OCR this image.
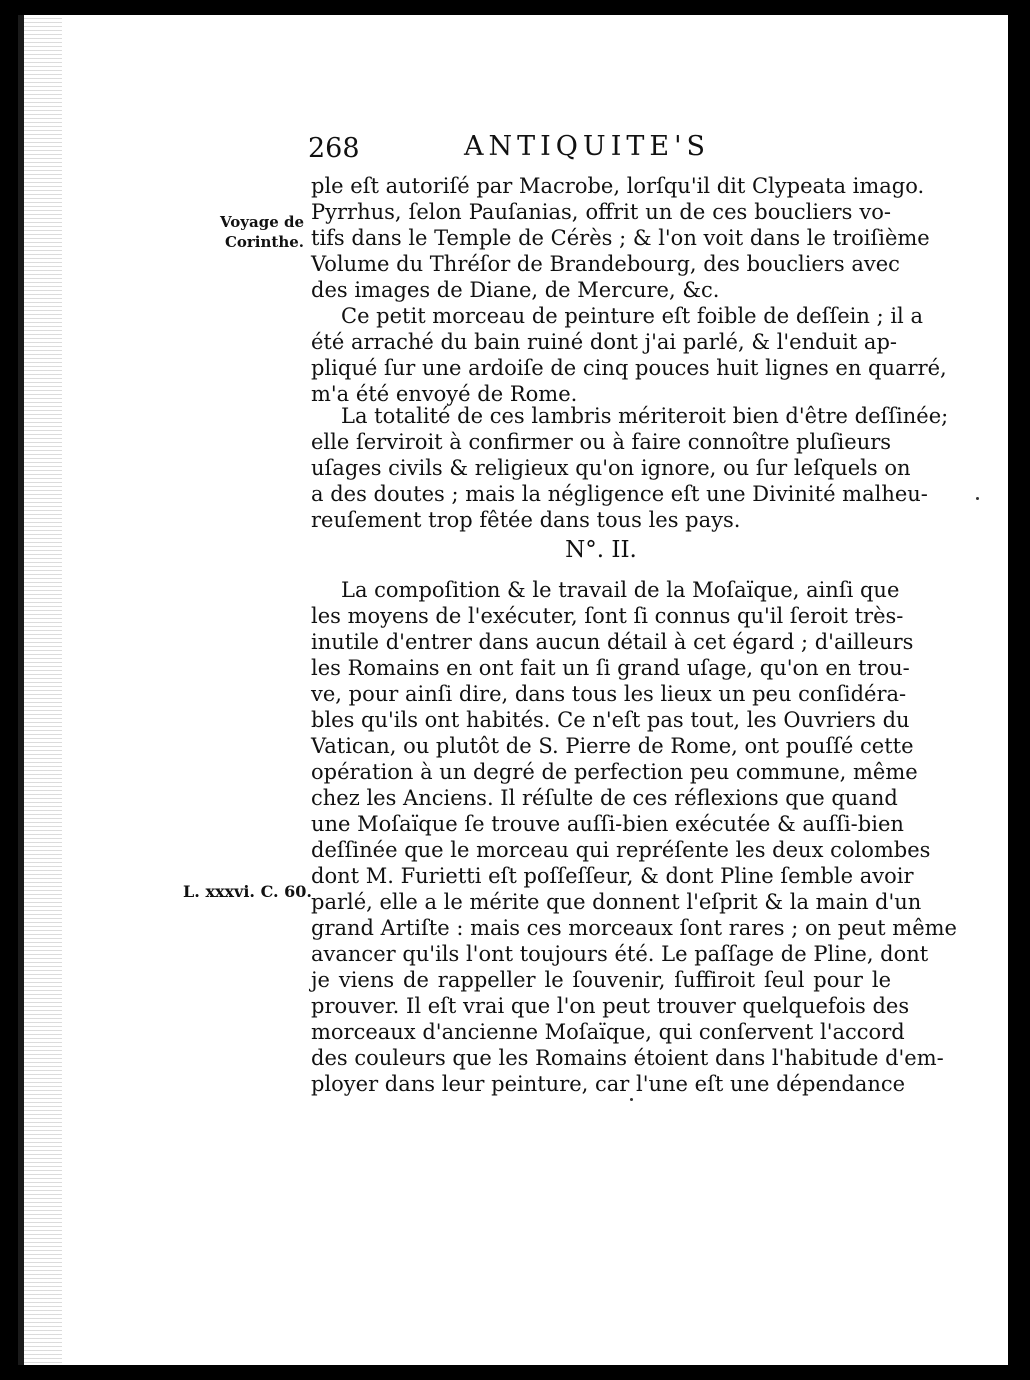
268	ANTIQUITE'S
Voyage de Corinthe.
L. xxxvi. C. 60.
ple eſt autoriſé par Macrobe, lorſqu'il dit Clypeata imago.
Pyrrhus, ſelon Pauſanias, offrit un de ces boucliers vo-
tifs dans le Temple de Cérès ; & l'on voit dans le troiſième
Volume du Thréſor de Brandebourg, des boucliers avec
des images de Diane, de Mercure, &c.
Ce petit morceau de peinture eſt foible de deſſein ; il a
été arraché du bain ruiné dont j'ai parlé, & l'enduit ap-
pliqué ſur une ardoiſe de cinq pouces huit lignes en quarré,
m'a été envoyé de Rome.
La totalité de ces lambris mériteroit bien d'être deſſinée;
elle ſerviroit à confirmer ou à faire connoître pluſieurs
uſages civils & religieux qu'on ignore, ou ſur leſquels on
a des doutes ; mais la négligence eſt une Divinité malheu-
reuſement trop fêtée dans tous les pays.
N°. II.
La compoſition & le travail de la Moſaïque, ainſi que
les moyens de l'exécuter, ſont ſi connus qu'il ſeroit très-
inutile d'entrer dans aucun détail à cet égard ; d'ailleurs
les Romains en ont fait un ſi grand uſage, qu'on en trou-
ve, pour ainſi dire, dans tous les lieux un peu conſidéra-
bles qu'ils ont habités. Ce n'eſt pas tout, les Ouvriers du
Vatican, ou plutôt de S. Pierre de Rome, ont pouſſé cette
opération à un degré de perfection peu commune, même
chez les Anciens. Il réſulte de ces réflexions que quand
une Moſaïque ſe trouve auſſi-bien exécutée & auſſi-bien
deſſinée que le morceau qui repréſente les deux colombes
dont M. Furietti eſt poſſeſſeur, & dont Pline ſemble avoir
parlé, elle a le mérite que donnent l'eſprit & la main d'un
grand Artiſte : mais ces morceaux ſont rares ; on peut même
avancer qu'ils l'ont toujours été. Le paſſage de Pline, dont
je viens de rappeller le ſouvenir, ſuffiroit ſeul pour le
prouver. Il eſt vrai que l'on peut trouver quelquefois des
morceaux d'ancienne Moſaïque, qui conſervent l'accord
des couleurs que les Romains étoient dans l'habitude d'em-
ployer dans leur peinture, car l'une eſt une dépendance
